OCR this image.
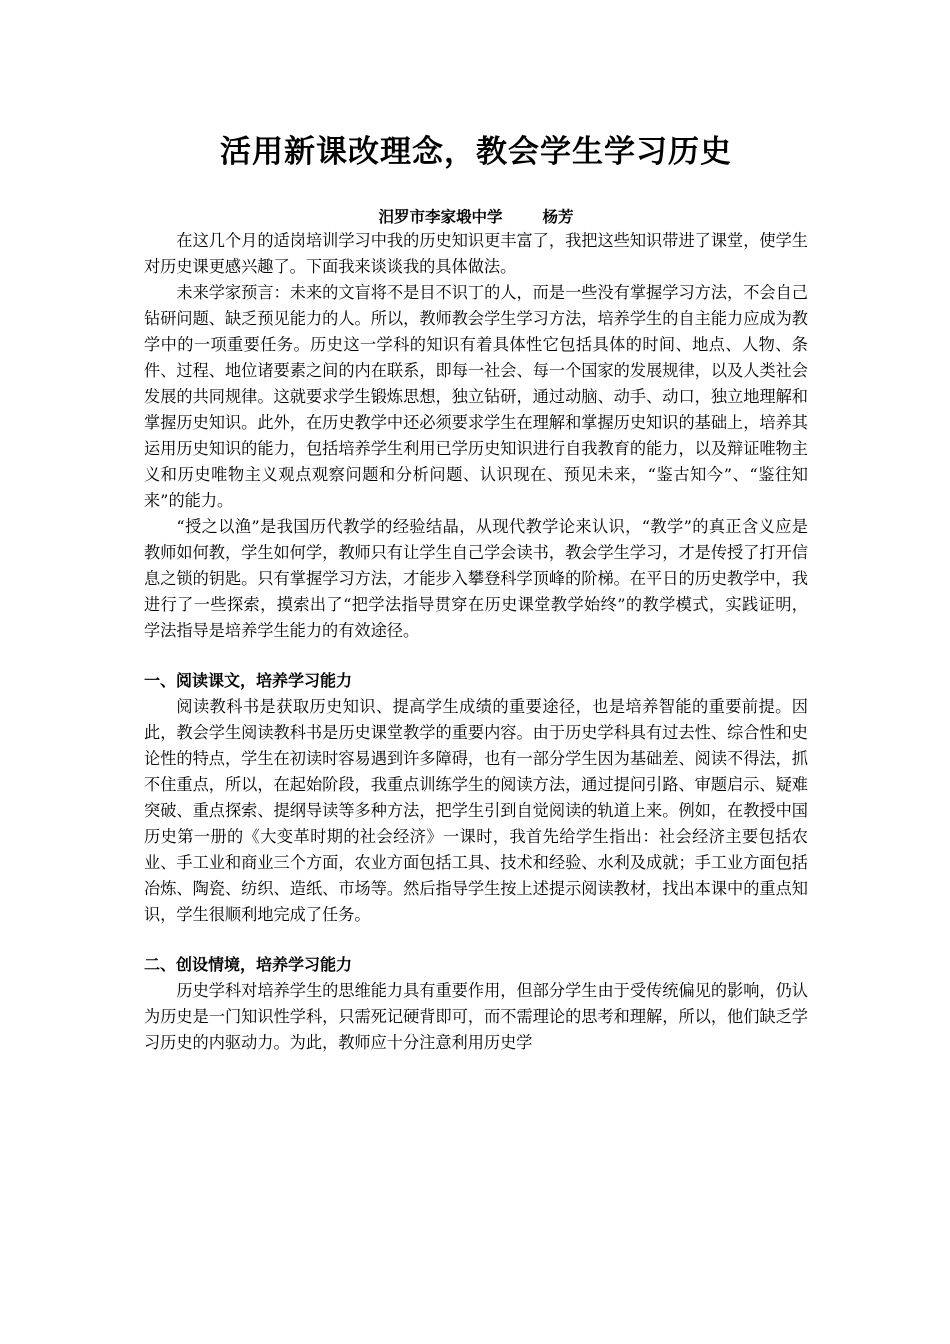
活用新课改理念，教会学生学习历史
汨罗市李家塅中学	杨芳

在这几个月的适岗培训学习中我的历史知识更丰富了，我把这些知识带进了课堂，使学生对历史课更感兴趣了。下面我来谈谈我的具体做法。

未来学家预言：未来的文盲将不是目不识丁的人，而是一些没有掌握学习方法，不会自己钻研问题、缺乏预见能力的人。所以，教师教会学生学习方法，培养学生的自主能力应成为教学中的一项重要任务。历史这一学科的知识有着具体性它包括具体的时间、地点、人物、条件、过程、地位诸要素之间的内在联系，即每一社会、每一个国家的发展规律，以及人类社会发展的共同规律。这就要求学生锻炼思想，独立钻研，通过动脑、动手、动口，独立地理解和掌握历史知识。此外，在历史教学中还必须要求学生在理解和掌握历史知识的基础上，培养其运用历史知识的能力，包括培养学生利用已学历史知识进行自我教育的能力，以及辩证唯物主义和历史唯物主义观点观察问题和分析问题、认识现在、预见未来，“鉴古知今”、“鉴往知来”的能力。

“授之以渔”是我国历代教学的经验结晶，从现代教学论来认识，“教学”的真正含义应是教师如何教，学生如何学，教师只有让学生自己学会读书，教会学生学习，才是传授了打开信息之锁的钥匙。只有掌握学习方法，才能步入攀登科学顶峰的阶梯。在平日的历史教学中，我进行了一些探索，摸索出了“把学法指导贯穿在历史课堂教学始终”的教学模式，实践证明，学法指导是培养学生能力的有效途径。

一、阅读课文，培养学习能力

阅读教科书是获取历史知识、提高学生成绩的重要途径，也是培养智能的重要前提。因此，教会学生阅读教科书是历史课堂教学的重要内容。由于历史学科具有过去性、综合性和史论性的特点，学生在初读时容易遇到许多障碍，也有一部分学生因为基础差、阅读不得法，抓不住重点，所以，在起始阶段，我重点训练学生的阅读方法，通过提问引路、审题启示、疑难突破、重点探索、提纲导读等多种方法，把学生引到自觉阅读的轨道上来。例如，在教授中国历史第一册的《大变革时期的社会经济》一课时，我首先给学生指出：社会经济主要包括农业、手工业和商业三个方面，农业方面包括工具、技术和经验、水利及成就；手工业方面包括冶炼、陶瓷、纺织、造纸、市场等。然后指导学生按上述提示阅读教材，找出本课中的重点知识，学生很顺利地完成了任务。

二、创设情境，培养学习能力

历史学科对培养学生的思维能力具有重要作用，但部分学生由于受传统偏见的影响，仍认为历史是一门知识性学科，只需死记硬背即可，而不需理论的思考和理解，所以，他们缺乏学习历史的内驱动力。为此，教师应十分注意利用历史学
